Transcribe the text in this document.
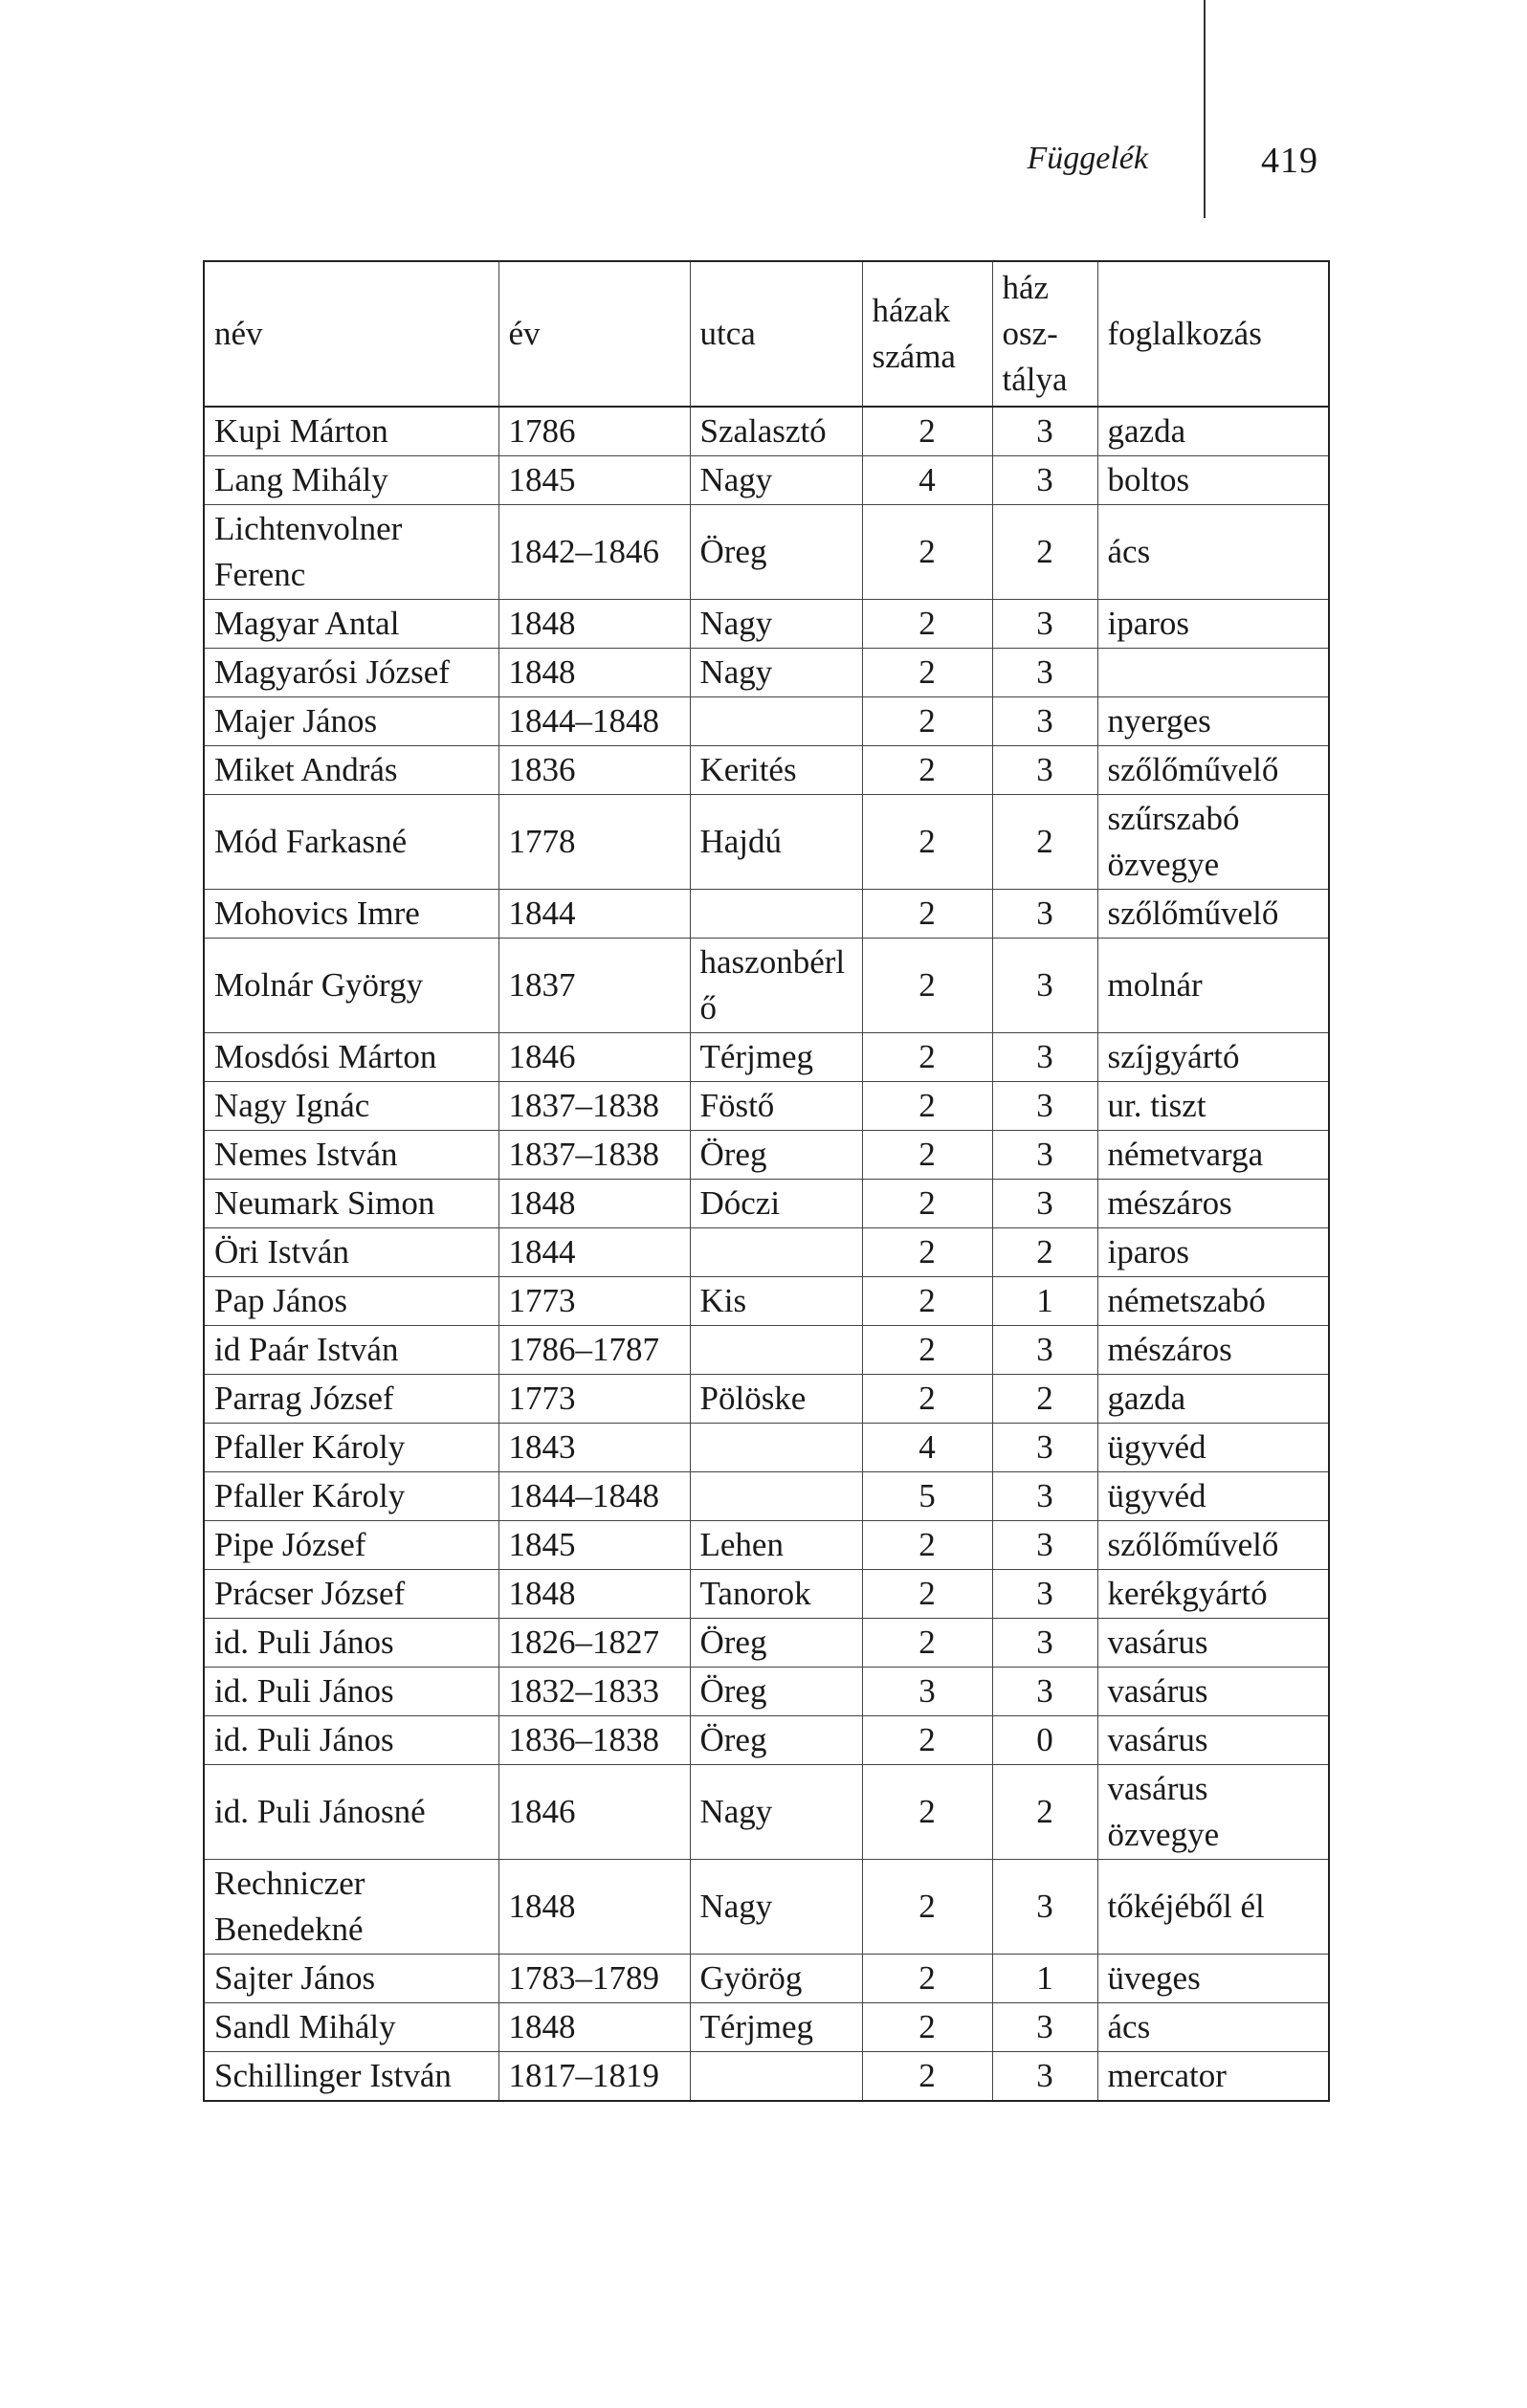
Függelék	419
név	év	utca	házak száma	ház osz-tálya	foglalkozás
Kupi Márton	1786	Szalasztó	2	3	gazda
Lang Mihály	1845	Nagy	4	3	boltos
Lichtenvolner Ferenc	1842–1846	Öreg	2	2	ács
Magyar Antal	1848	Nagy	2	3	iparos
Magyarósi József	1848	Nagy	2	3	
Majer János	1844–1848		2	3	nyerges
Miket András	1836	Kerités	2	3	szőlőművelő
Mód Farkasné	1778	Hajdú	2	2	szűrszabó özvegye
Mohovics Imre	1844		2	3	szőlőművelő
Molnár György	1837	haszonbérlő	2	3	molnár
Mosdósi Márton	1846	Térjmeg	2	3	szíjgyártó
Nagy Ignác	1837–1838	Föstő	2	3	ur. tiszt
Nemes István	1837–1838	Öreg	2	3	németvarga
Neumark Simon	1848	Dóczi	2	3	mészáros
Öri István	1844		2	2	iparos
Pap János	1773	Kis	2	1	németszabó
id Paár István	1786–1787		2	3	mészáros
Parrag József	1773	Pölöske	2	2	gazda
Pfaller Károly	1843		4	3	ügyvéd
Pfaller Károly	1844–1848		5	3	ügyvéd
Pipe József	1845	Lehen	2	3	szőlőművelő
Prácser József	1848	Tanorok	2	3	kerékgyártó
id. Puli János	1826–1827	Öreg	2	3	vasárus
id. Puli János	1832–1833	Öreg	3	3	vasárus
id. Puli János	1836–1838	Öreg	2	0	vasárus
id. Puli Jánosné	1846	Nagy	2	2	vasárus özvegye
Rechniczer Benedekné	1848	Nagy	2	3	tőkéjéből él
Sajter János	1783–1789	Györög	2	1	üveges
Sandl Mihály	1848	Térjmeg	2	3	ács
Schillinger István	1817–1819		2	3	mercator
